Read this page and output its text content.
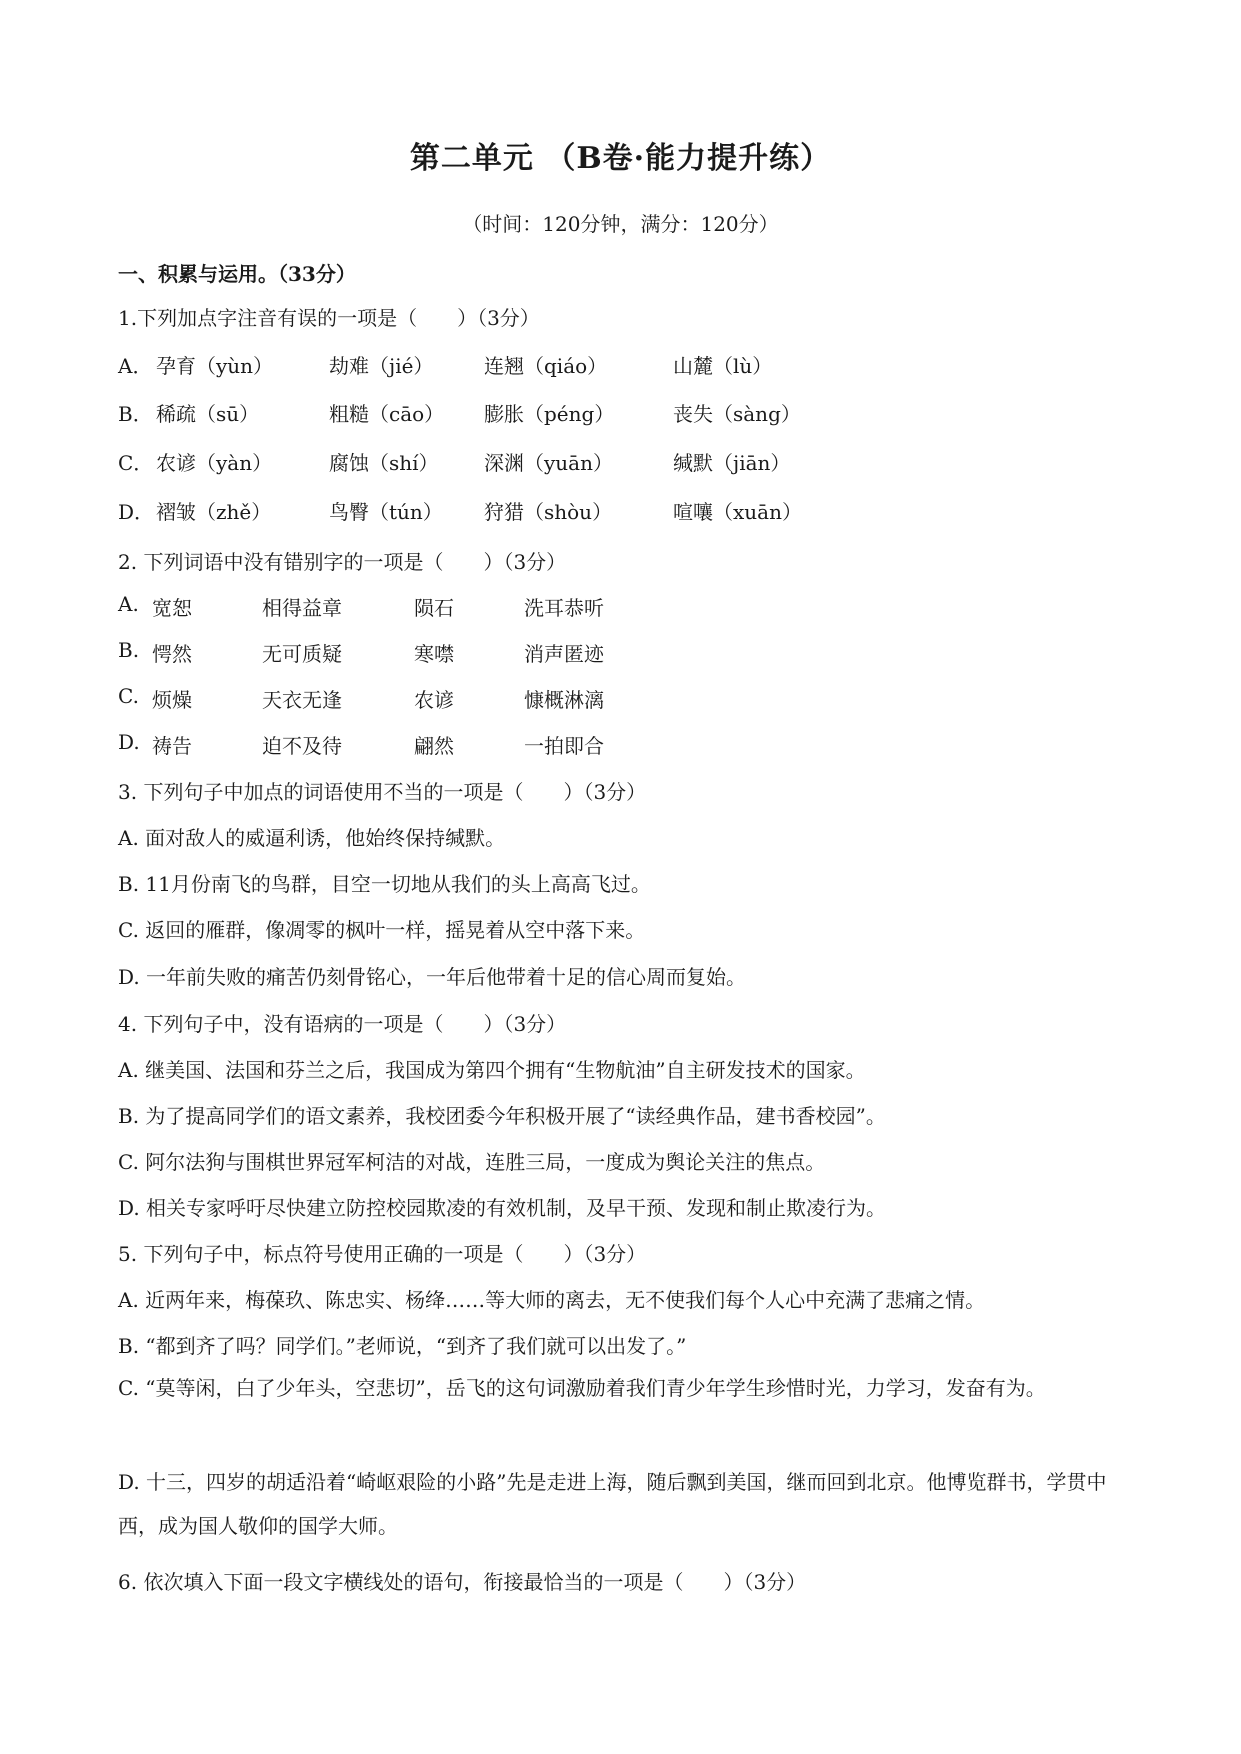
第二单元 （B卷·能力提升练）
（时间：120分钟，满分：120分）
一、积累与运用。（33分）
1.下列加点字注音有误的一项是（　　）（3分）
A． 孕育（yùn）	劫难（jié）	连翘（qiáo）	山麓（lù）
B． 稀疏（sū）	粗糙（cāo）	膨胀（péng）	丧失（sàng）
C． 农谚（yàn）	腐蚀（shí）	深渊（yuān）	缄默（jiān）
D． 褶皱（zhě）	鸟臀（tún）	狩猎（shòu）	喧嚷（xuān）
2. 下列词语中没有错别字的一项是（　　）（3分）
A. 宽恕	相得益章	陨石	洗耳恭听
B. 愕然	无可质疑	寒噤	消声匿迹
C. 烦燥	天衣无逢	农谚	慷概淋漓
D. 祷告	迫不及待	翩然	一拍即合
3. 下列句子中加点的词语使用不当的一项是（　　）（3分）
A. 面对敌人的威逼利诱，他始终保持缄默。
B. 11月份南飞的鸟群，目空一切地从我们的头上高高飞过。
C. 返回的雁群，像凋零的枫叶一样，摇晃着从空中落下来。
D. 一年前失败的痛苦仍刻骨铭心，一年后他带着十足的信心周而复始。
4. 下列句子中，没有语病的一项是（　　）（3分）
A. 继美国、法国和芬兰之后，我国成为第四个拥有“生物航油”自主研发技术的国家。
B. 为了提高同学们的语文素养，我校团委今年积极开展了“读经典作品，建书香校园”。
C. 阿尔法狗与围棋世界冠军柯洁的对战，连胜三局，一度成为舆论关注的焦点。
D. 相关专家呼吁尽快建立防控校园欺凌的有效机制，及早干预、发现和制止欺凌行为。
5. 下列句子中，标点符号使用正确的一项是（　　）（3分）
A. 近两年来，梅葆玖、陈忠实、杨绛……等大师的离去，无不使我们每个人心中充满了悲痛之情。
B. “都到齐了吗？同学们。”老师说，“到齐了我们就可以出发了。”
C. “莫等闲，白了少年头，空悲切”，岳飞的这句词激励着我们青少年学生珍惜时光，力学习，发奋有为。
D. 十三，四岁的胡适沿着“崎岖艰险的小路”先是走进上海，随后飘到美国，继而回到北京。他博览群书，学贯中西，成为国人敬仰的国学大师。
6. 依次填入下面一段文字横线处的语句，衔接最恰当的一项是（　　）（3分）
